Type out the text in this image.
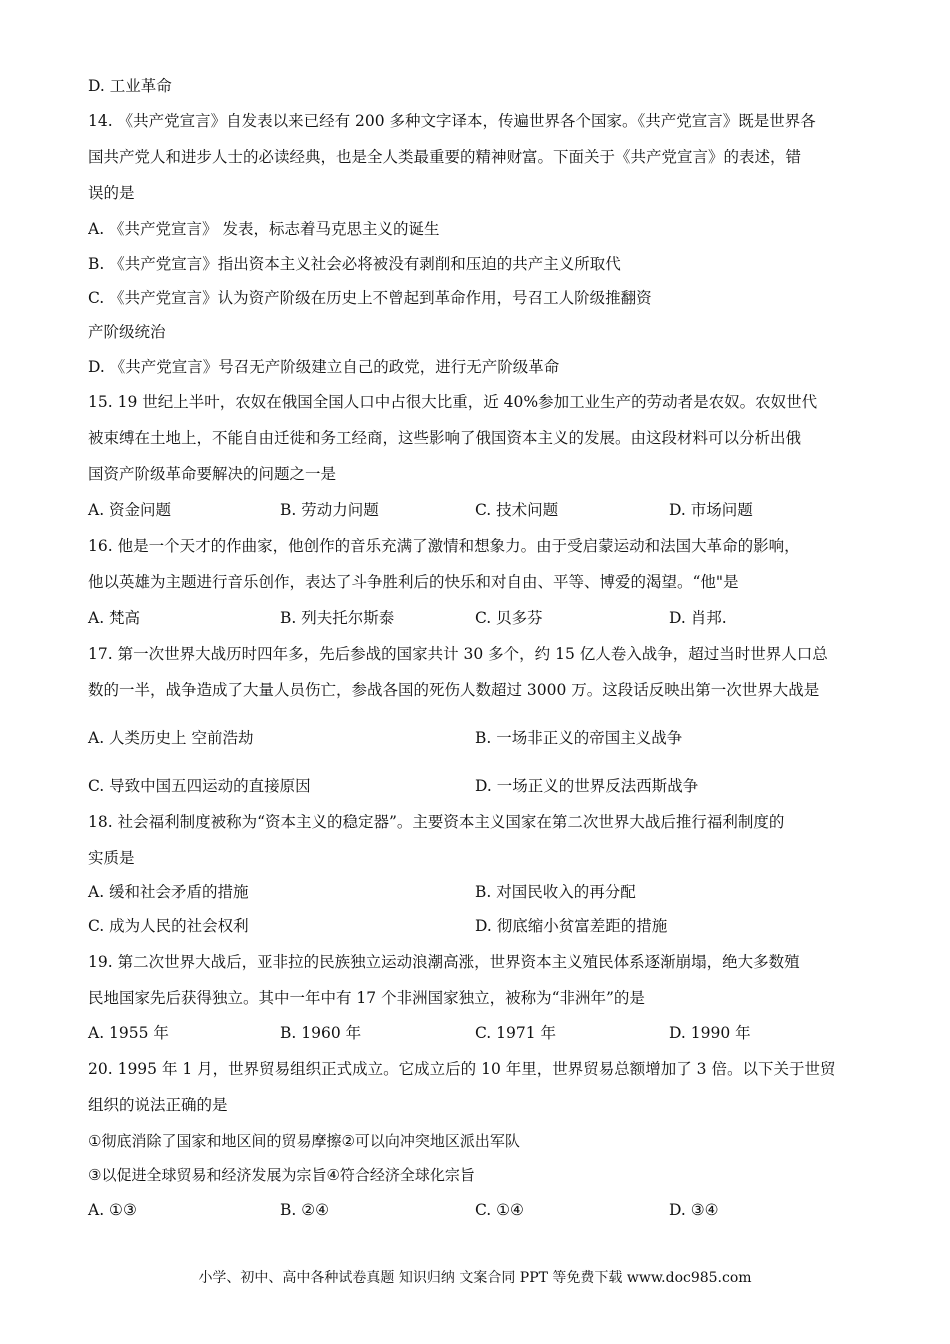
D. 工业革命
14. 《共产党宣言》自发表以来已经有 200 多种文字译本，传遍世界各个国家。《共产党宣言》既是世界各
国共产党人和进步人士的必读经典，也是全人类最重要的精神财富。下面关于《共产党宣言》的表述，错
误的是
A. 《共产党宣言》 发表，标志着马克思主义的诞生
B. 《共产党宣言》指出资本主义社会必将被没有剥削和压迫的共产主义所取代
C. 《共产党宣言》认为资产阶级在历史上不曾起到革命作用，号召工人阶级推翻资
产阶级统治
D. 《共产党宣言》号召无产阶级建立自己的政党，进行无产阶级革命
15. 19 世纪上半叶，农奴在俄国全国人口中占很大比重，近 40%参加工业生产的劳动者是农奴。农奴世代
被束缚在土地上，不能自由迁徙和务工经商，这些影响了俄国资本主义的发展。由这段材料可以分析出俄
国资产阶级革命要解决的问题之一是
A. 资金问题	B. 劳动力问题	C. 技术问题	D. 市场问题
16. 他是一个天才的作曲家，他创作的音乐充满了激情和想象力。由于受启蒙运动和法国大革命的影响，
他以英雄为主题进行音乐创作，表达了斗争胜利后的快乐和对自由、平等、博爱的渴望。“他"是
A. 梵高	B. 列夫托尔斯泰	C. 贝多芬	D. 肖邦.
17. 第一次世界大战历时四年多，先后参战的国家共计 30 多个，约 15 亿人卷入战争，超过当时世界人口总
数的一半，战争造成了大量人员伤亡，参战各国的死伤人数超过 3000 万。这段话反映出第一次世界大战是
A. 人类历史上 空前浩劫	B. 一场非正义的帝国主义战争
C. 导致中国五四运动的直接原因	D. 一场正义的世界反法西斯战争
18. 社会福利制度被称为“资本主义的稳定器”。主要资本主义国家在第二次世界大战后推行福利制度的
实质是
A. 缓和社会矛盾的措施	B. 对国民收入的再分配
C. 成为人民的社会权利	D. 彻底缩小贫富差距的措施
19. 第二次世界大战后，亚非拉的民族独立运动浪潮高涨，世界资本主义殖民体系逐渐崩塌，绝大多数殖
民地国家先后获得独立。其中一年中有 17 个非洲国家独立，被称为“非洲年”的是
A. 1955 年	B. 1960 年	C. 1971 年	D. 1990 年
20. 1995 年 1 月，世界贸易组织正式成立。它成立后的 10 年里，世界贸易总额增加了 3 倍。以下关于世贸
组织的说法正确的是
①彻底消除了国家和地区间的贸易摩擦②可以向冲突地区派出军队
③以促进全球贸易和经济发展为宗旨④符合经济全球化宗旨
A. ①③	B. ②④	C. ①④	D. ③④
小学、初中、高中各种试卷真题 知识归纳 文案合同 PPT 等免费下载 www.doc985.com
